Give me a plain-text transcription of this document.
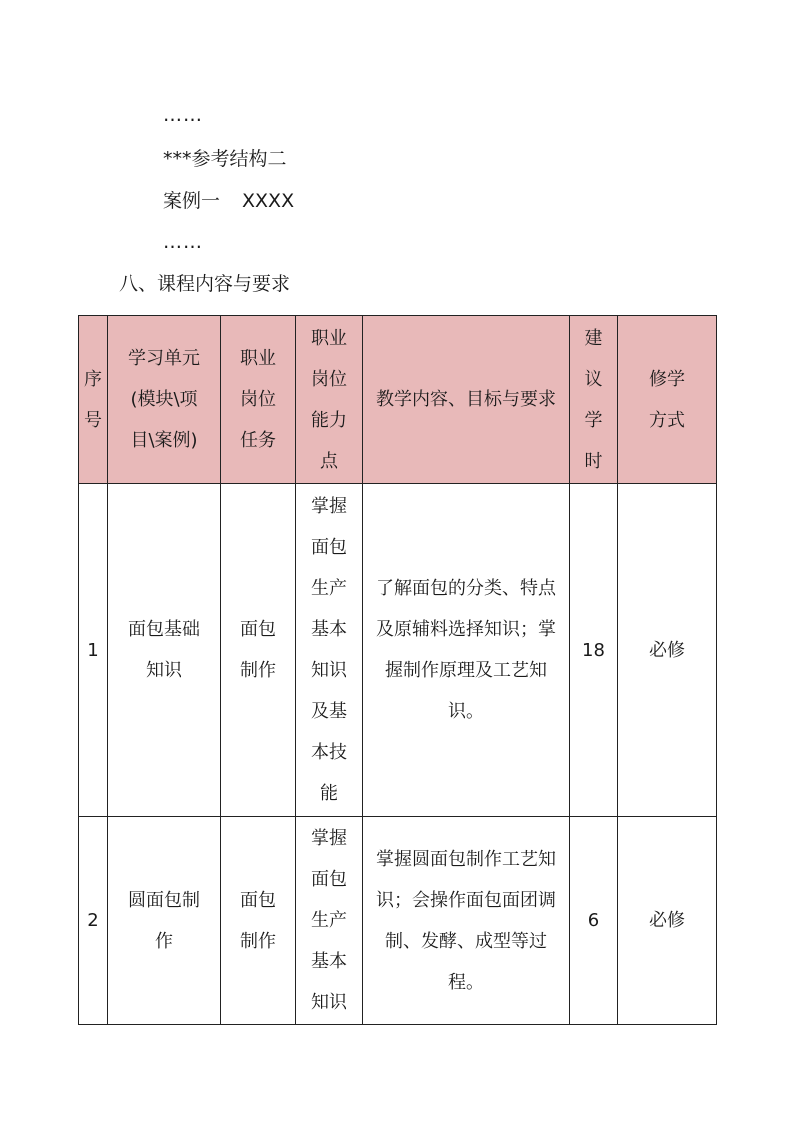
……
***参考结构二
案例一 XXXX
……
八、课程内容与要求
序号	学习单元(模块\项目\案例)	职业岗位任务	职业岗位能力点	教学内容、目标与要求	建议学时	修学方式
1	面包基础知识	面包制作	掌握面包生产基本知识及基本技能	了解面包的分类、特点及原辅料选择知识；掌握制作原理及工艺知识。	18	必修
2	圆面包制作	面包制作	掌握面包生产基本知识	掌握圆面包制作工艺知识；会操作面包面团调制、发酵、成型等过程。	6	必修
